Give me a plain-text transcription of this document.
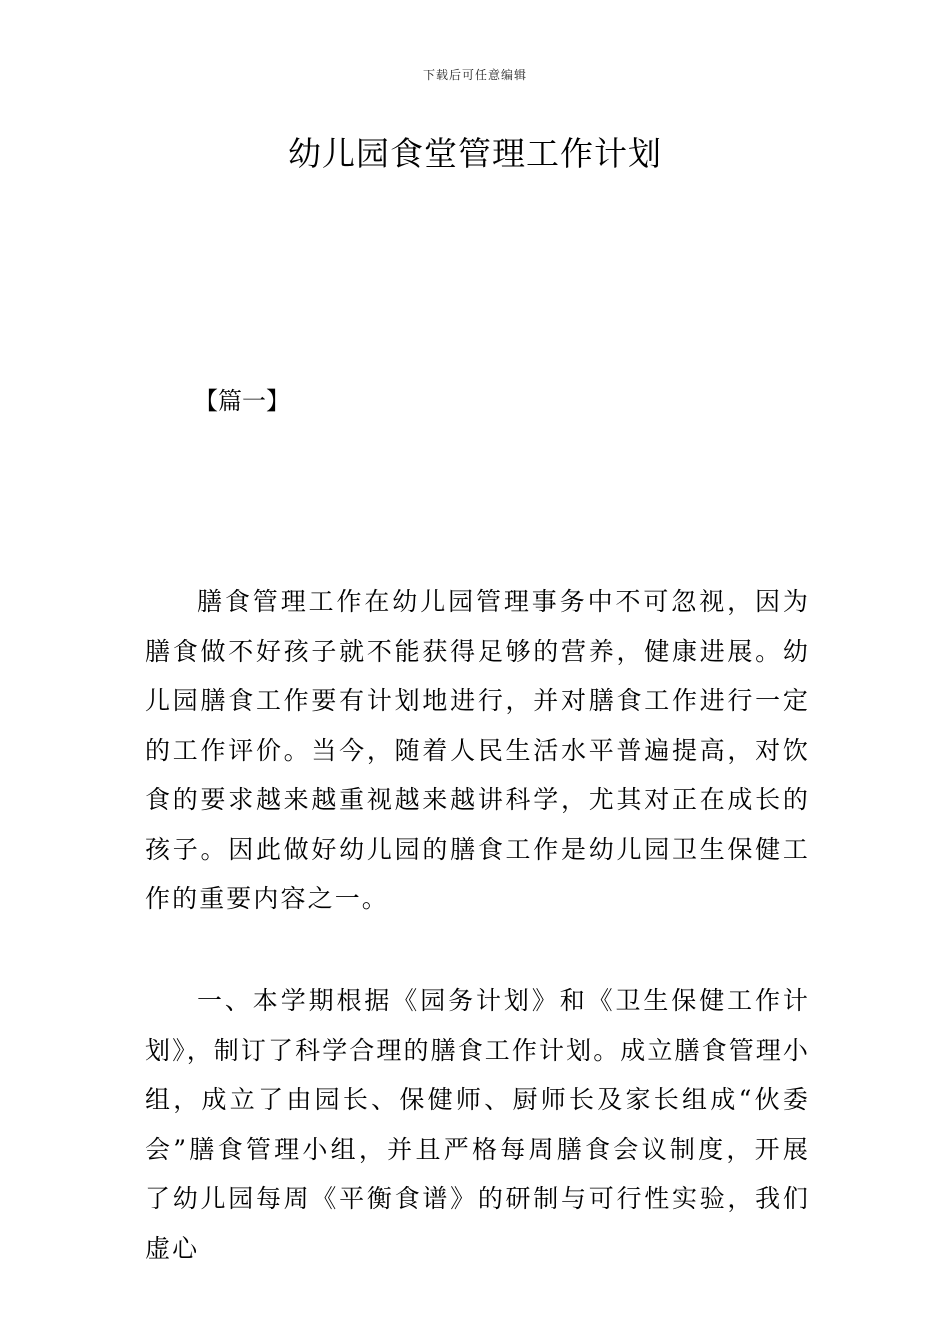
下载后可任意编辑
幼儿园食堂管理工作计划
【篇一】

膳食管理工作在幼儿园管理事务中不可忽视，因为膳食做不好孩子就不能获得足够的营养，健康进展。幼儿园膳食工作要有计划地进行，并对膳食工作进行一定的工作评价。当今，随着人民生活水平普遍提高，对饮食的要求越来越重视越来越讲科学，尤其对正在成长的孩子。因此做好幼儿园的膳食工作是幼儿园卫生保健工作的重要内容之一。

一、本学期根据《园务计划》和《卫生保健工作计划》，制订了科学合理的膳食工作计划。成立膳食管理小组，成立了由园长、保健师、厨师长及家长组成“伙委会”膳食管理小组，并且严格每周膳食会议制度，开展了幼儿园每周《平衡食谱》的研制与可行性实验，我们虚心
